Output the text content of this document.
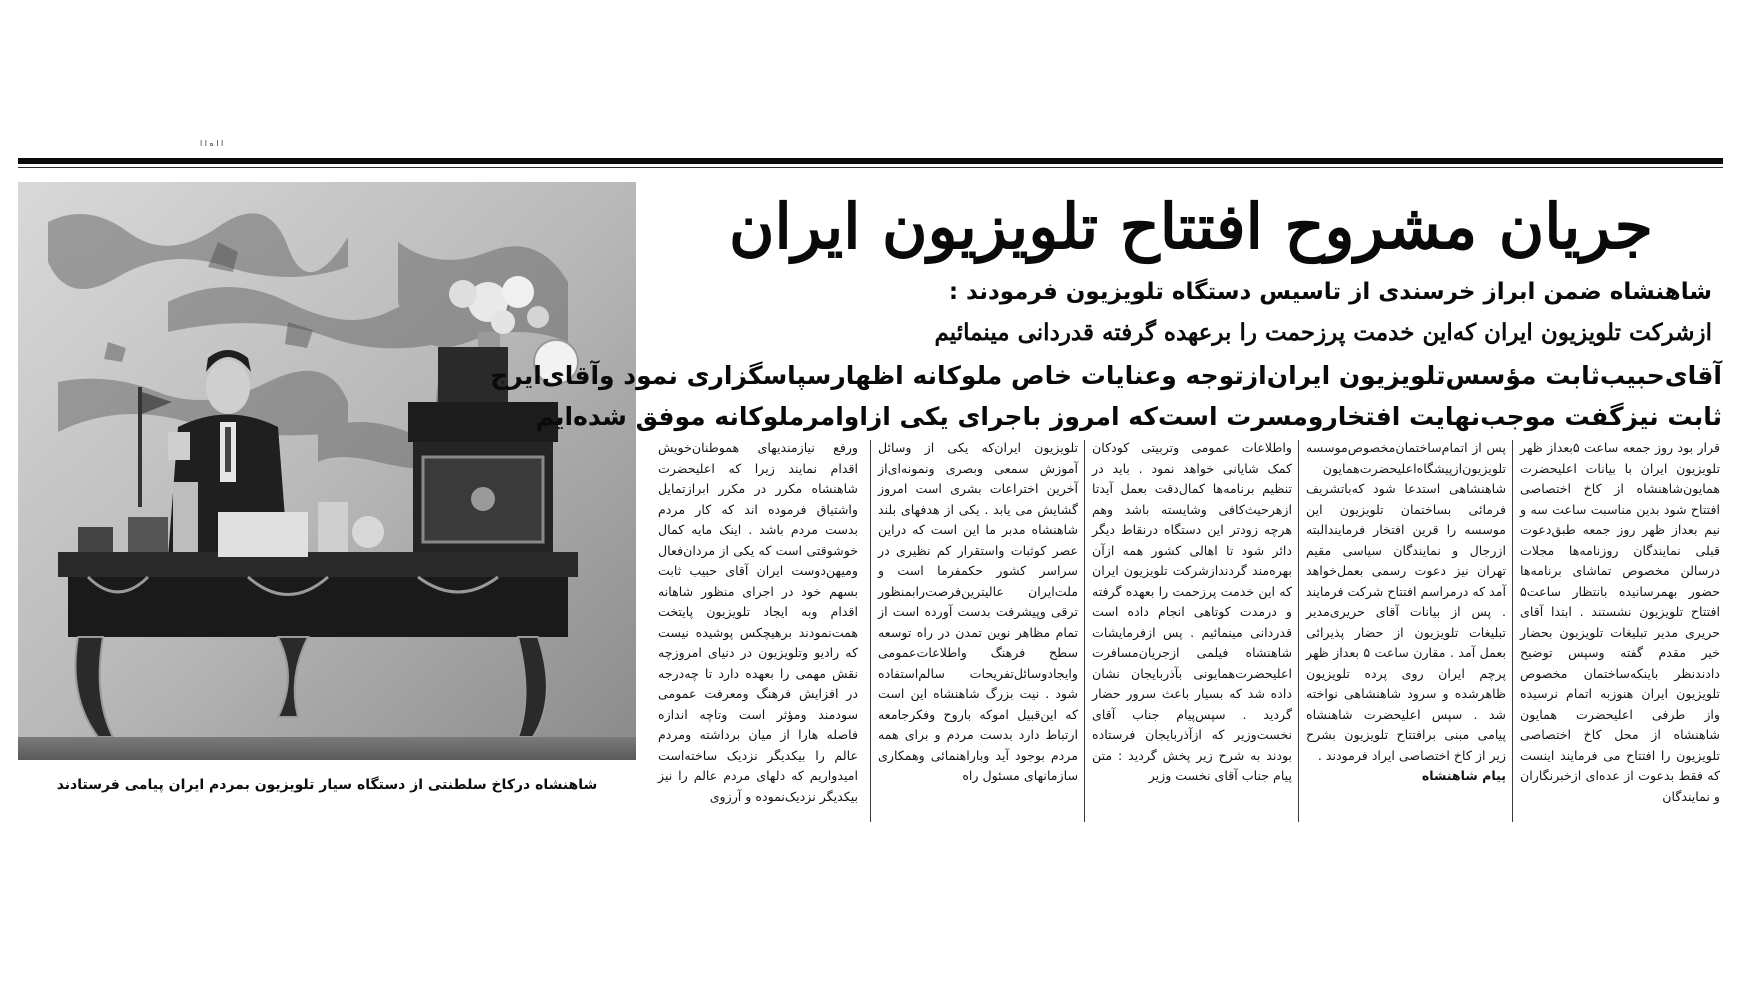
ا ا ه ا ا
شاهنشاه درکاخ سلطنتی از دستگاه سیار تلویزیون بمردم ایران پیامی فرستادند
جریان مشروح افتتاح تلویزیون ایران
شاهنشاه ضمن ابراز خرسندی از تاسیس دستگاه تلویزیون فرمودند :
ازشرکت تلویزیون ایران که‌این خدمت پرزحمت را برعهده گرفته قدردانی مینمائیم
آقای‌حبیب‌ثابت مؤسس‌تلویزیون ایران‌ازتوجه وعنایات خاص ملوکانه اظهارسپاسگزاری نمود وآقای‌ایرج
ثابت نیزگفت موجب‌نهایت افتخارومسرت است‌که امروز باجرای یکی ازاوامرملوکانه موفق شده‌ایم
قرار بود روز جمعه ساعت ۵بعداز ظهر تلویزیون ایران با بیانات اعلیحضرت همایون‌شاهنشاه از کاخ اختصاصی افتتاح شود بدین مناسبت ساعت سه و نیم بعداز ظهر روز جمعه طبق‌دعوت قبلی نمایندگان روزنامه‌ها مجلات درسالن مخصوص تماشای برنامه‌ها حضور بهمرسانیده بانتظار ساعت۵ افتتاح تلویزیون نشستند . ابتدا آقای حریری مدیر تبلیغات تلویزیون بحضار خیر مقدم گفته وسپس توضیح دادند‌نظر باینکه‌ساختمان مخصوص تلویزیون ایران هنوزبه اتمام نرسیده واز طرفی اعلیحضرت همایون شاهنشاه از محل کاخ اختصاصی تلویزیون را افتتاح می فرمایند اینست که فقط بدعوت از عده‌ای ازخبرنگاران و نمایندگان
پس از اتمام‌ساختمان‌مخصوص‌موسسه تلویزیون‌ازپیشگاه‌اعلیحضرت‌همایون شاهنشاهی استدعا شود که‌باتشریف فرمائی بساختمان تلویزیون این موسسه را قرین افتخار فرمایندالبته ازرجال و نمایندگان سیاسی مقیم تهران نیز دعوت رسمی بعمل‌خواهد آمد که درمراسم افتتاح شرکت فرمایند . پس از بیانات آقای حریری‌مدیر تبلیغات تلویزیون از حضار پذیرائی بعمل آمد . مقارن ساعت ۵ بعداز ظهر پرچم ایران روی پرده تلویزیون ظاهرشده و سرود شاهنشاهی نواخته شد . سپس اعلیحضرت شاهنشاه پیامی مبنی برافتتاح تلویزیون بشرح زیر از کاخ اختصاصی ایراد فرمودند .
پیام شاهنشاه
واطلاعات عمومی وتربیتی کودکان کمک شایانی خواهد نمود . باید در تنظیم برنامه‌ها کمال‌دقت بعمل آیدتا ازهرحیث‌کافی وشایسته باشد وهم هرچه زودتر این دستگاه درنقاط دیگر دائر شود تا اهالی کشور همه ازآن بهره‌مند گردندازشرکت تلویزیون ایران که این خدمت پرزحمت را بعهده گرفته و درمدت کوتاهی انجام داده است قدردانی مینمائیم . پس ازفرمایشات شاهنشاه فیلمی ازجریان‌مسافرت اعلیحضرت‌همایونی بآذربایجان نشان داده شد که بسیار باعث سرور حضار گردید . سپس‌پیام جناب آقای نخست‌وزیر که ازآذربایجان فرستاده بودند به شرح زیر پخش گردید : متن پیام جناب آقای نخست وزیر
تلویزیون ایران‌که یکی از وسائل آموزش سمعی وبصری ونمونه‌ای‌از آخرین اختراعات بشری است امروز گشایش می یابد . یکی از هدفهای بلند شاهنشاه مدبر ما این است که دراین عصر کوثبات واستقرار کم نظیری در سراسر کشور حکمفرما است و ملت‌ایران عالیترین‌فرصت‌رابمنظور ترقی وپیشرفت بدست آورده است از تمام مظاهر نوین تمدن در راه توسعه سطح فرهنگ واطلاعات‌عمومی وایجادوسائل‌تفریحات سالم‌استفاده شود . نیت بزرگ شاهنشاه این است که این‌قبیل اموکه باروح وفکرجامعه ارتباط دارد بدست مردم و برای همه مردم بوجود آید وباراهنمائی وهمکاری سازمانهای مسئول راه
ورفع نیازمندیهای هموطنان‌خویش اقدام نمایند زیرا که اعلیحضرت شاهنشاه مکرر در مکرر ابرازتمایل واشتیاق فرموده اند که کار مردم بدست مردم باشد . اینک مایه کمال خوشوقتی است که یکی از مردان‌فعال ومیهن‌دوست ایران آقای حبیب ثابت بسهم خود در اجرای منظور شاهانه اقدام وبه ایجاد تلویزیون پایتخت همت‌نمودند برهیچکس پوشیده نیست که رادیو وتلویزیون در دنیای امروزچه نقش مهمی را بعهده دارد تا چه‌درجه در افزایش فرهنگ ومعرفت عمومی سودمند ومؤثر است وتاچه اندازه فاصله هارا از میان برداشته ومردم عالم را بیکدیگر نزدیک ساخته‌است امیدواریم که دلهای مردم عالم را نیز بیکدیگر نزدیک‌نموده و آرزوی
